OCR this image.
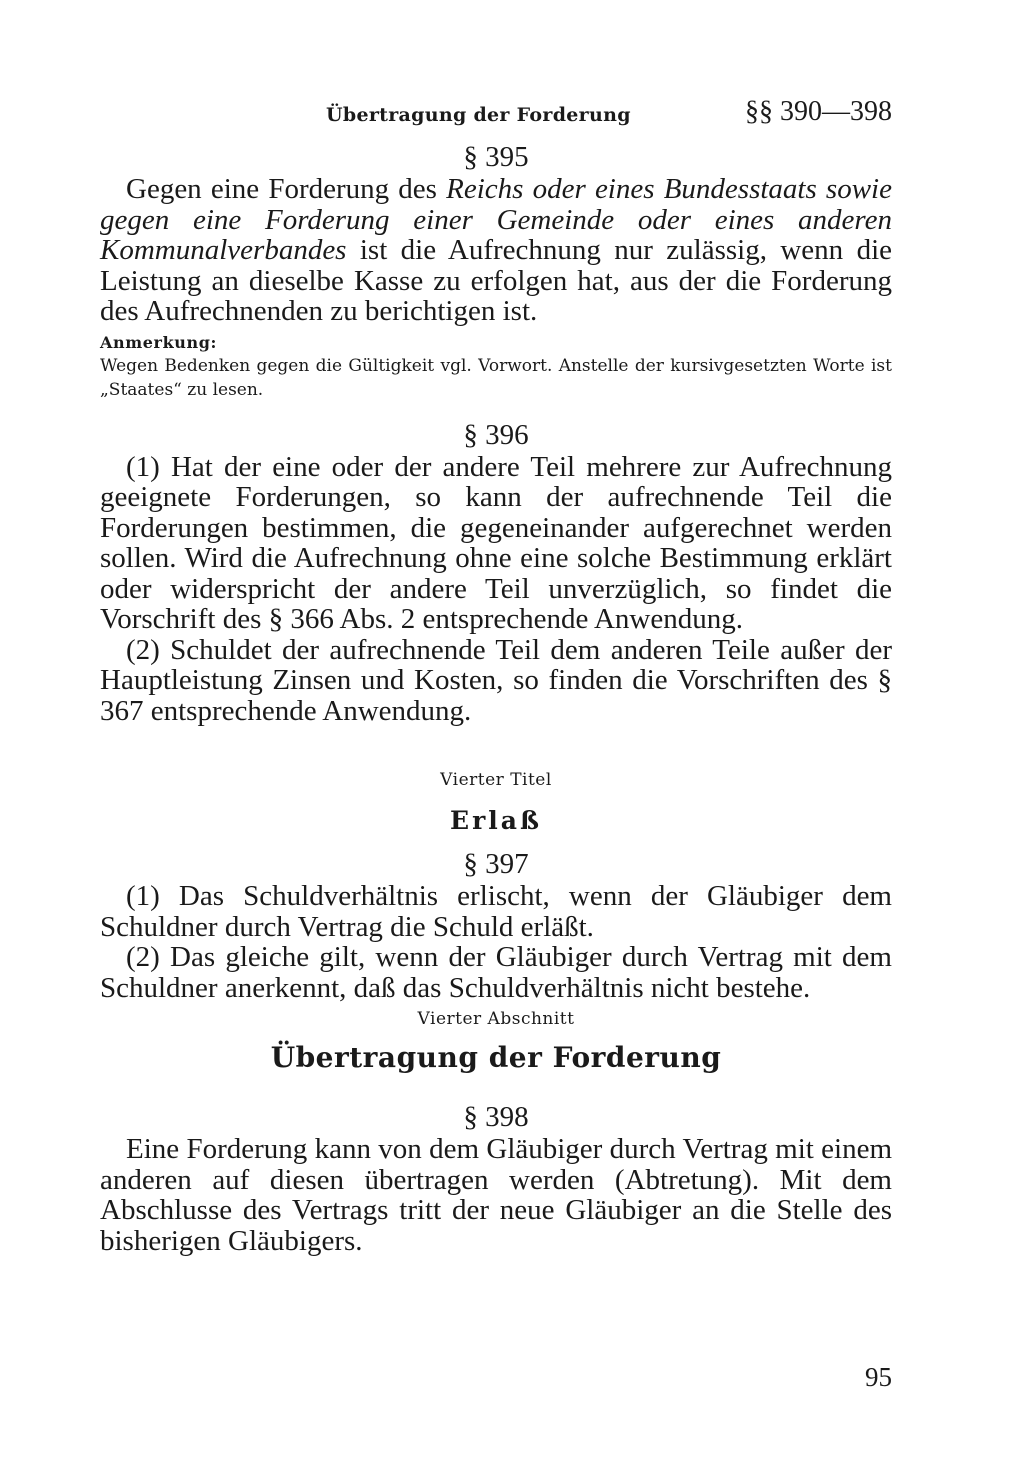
Übertragung der Forderung	§§ 390—398

§ 395

Gegen eine Forderung des Reichs oder eines Bundesstaats sowie gegen eine Forderung einer Gemeinde oder eines anderen Kommunalverbandes ist die Aufrechnung nur zulässig, wenn die Leistung an dieselbe Kasse zu erfolgen hat, aus der die Forderung des Aufrechnenden zu berichtigen ist.

Anmerkung:

Wegen Bedenken gegen die Gültigkeit vgl. Vorwort. Anstelle der kursivgesetzten Worte ist „Staates“ zu lesen.

§ 396

(1) Hat der eine oder der andere Teil mehrere zur Aufrechnung geeignete Forderungen, so kann der aufrechnende Teil die Forderungen bestimmen, die gegeneinander aufgerechnet werden sollen. Wird die Aufrechnung ohne eine solche Bestimmung erklärt oder widerspricht der andere Teil unverzüglich, so findet die Vorschrift des § 366 Abs. 2 entsprechende Anwendung.

(2) Schuldet der aufrechnende Teil dem anderen Teile außer der Hauptleistung Zinsen und Kosten, so finden die Vorschriften des § 367 entsprechende Anwendung.

Vierter Titel

Erlaß

§ 397

(1) Das Schuldverhältnis erlischt, wenn der Gläubiger dem Schuldner durch Vertrag die Schuld erläßt.

(2) Das gleiche gilt, wenn der Gläubiger durch Vertrag mit dem Schuldner anerkennt, daß das Schuldverhältnis nicht bestehe.

Vierter Abschnitt

Übertragung der Forderung

§ 398

Eine Forderung kann von dem Gläubiger durch Vertrag mit einem anderen auf diesen übertragen werden (Abtretung). Mit dem Abschlusse des Vertrags tritt der neue Gläubiger an die Stelle des bisherigen Gläubigers.

95
